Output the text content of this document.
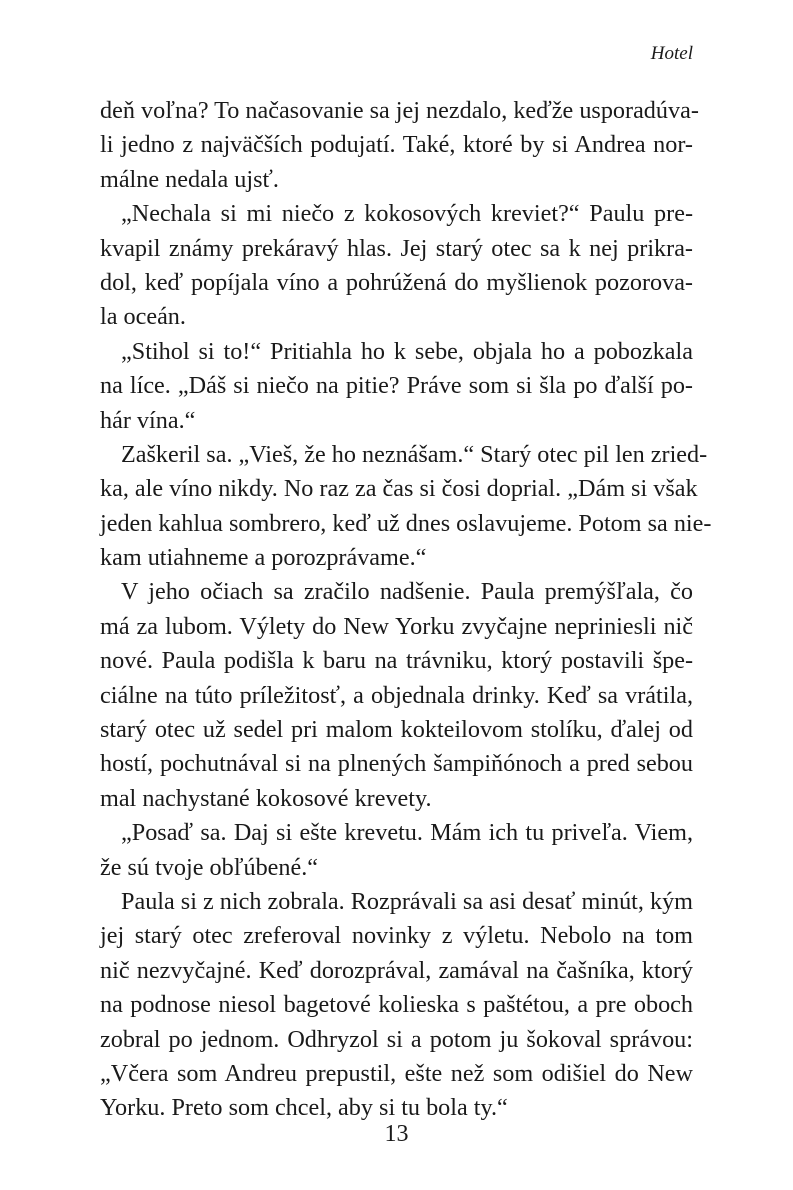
Hotel
deň voľna? To načasovanie sa jej nezdalo, keďže usporadúva-
li jedno z najväčších podujatí. Také, ktoré by si Andrea nor-
málne nedala ujsť.
„Nechala si mi niečo z kokosových kreviet?“ Paulu pre-
kvapil známy prekáravý hlas. Jej starý otec sa k nej prikra-
dol, keď popíjala víno a pohrúžená do myšlienok pozorova-
la oceán.
„Stihol si to!“ Pritiahla ho k sebe, objala ho a pobozkala
na líce. „Dáš si niečo na pitie? Práve som si šla po ďalší po-
hár vína.“
Zaškeril sa. „Vieš, že ho neznášam.“ Starý otec pil len zried-
ka, ale víno nikdy. No raz za čas si čosi doprial. „Dám si však
jeden kahlua sombrero, keď už dnes oslavujeme. Potom sa nie-
kam utiahneme a porozprávame.“
V jeho očiach sa zračilo nadšenie. Paula premýšľala, čo
má za lubom. Výlety do New Yorku zvyčajne nepriniesli nič
nové. Paula podišla k baru na trávniku, ktorý postavili špe-
ciálne na túto príležitosť, a objednala drinky. Keď sa vrátila,
starý otec už sedel pri malom kokteilovom stolíku, ďalej od
hostí, pochutnával si na plnených šampiňónoch a pred sebou
mal nachystané kokosové krevety.
„Posaď sa. Daj si ešte krevetu. Mám ich tu priveľa. Viem,
že sú tvoje obľúbené.“
Paula si z nich zobrala. Rozprávali sa asi desať minút, kým
jej starý otec zreferoval novinky z výletu. Nebolo na tom
nič nezvyčajné. Keď dorozprával, zamával na čašníka, ktorý
na podnose niesol bagetové kolieska s paštétou, a pre oboch
zobral po jednom. Odhryzol si a potom ju šokoval správou:
„Včera som Andreu prepustil, ešte než som odišiel do New
Yorku. Preto som chcel, aby si tu bola ty.“
13
